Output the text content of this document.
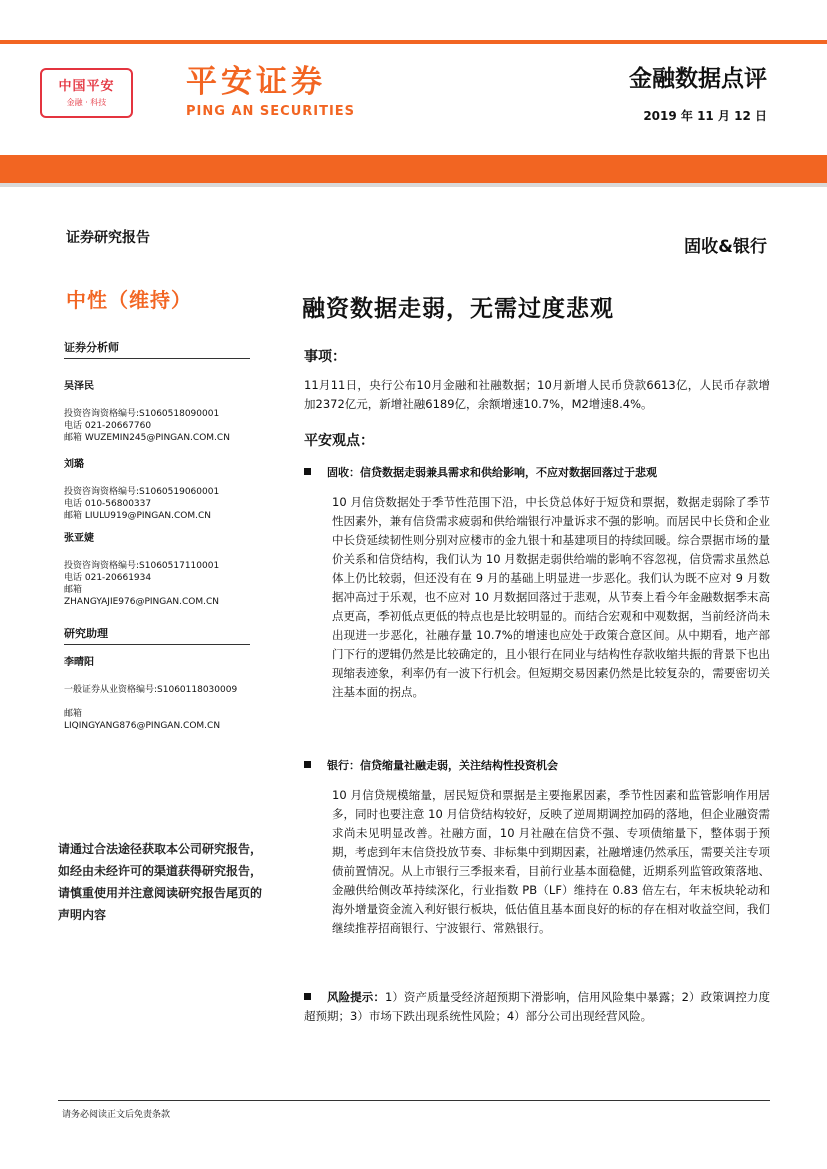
中国平安
金融 · 科技
平安证券
PING AN SECURITIES
金融数据点评
2019 年 11 月 12 日
证券研究报告	固收&银行
中性（维持）
证券分析师
吴泽民
投资咨询资格编号:S1060518090001
电话 021-20667760
邮箱 WUZEMIN245@PINGAN.COM.CN
刘璐
投资咨询资格编号:S1060519060001
电话 010-56800337
邮箱 LIULU919@PINGAN.COM.CN
张亚婕
投资咨询资格编号:S1060517110001
电话 021-20661934
邮箱
ZHANGYAJIE976@PINGAN.COM.CN
研究助理
李晴阳
一般证券从业资格编号:S1060118030009
邮箱
LIQINGYANG876@PINGAN.COM.CN
请通过合法途径获取本公司研究报告，如经由未经许可的渠道获得研究报告，请慎重使用并注意阅读研究报告尾页的声明内容
融资数据走弱，无需过度悲观
事项：
11月11日，央行公布10月金融和社融数据；10月新增人民币贷款6613亿，人民币存款增加2372亿元，新增社融6189亿，余额增速10.7%，M2增速8.4%。
平安观点：
固收：信贷数据走弱兼具需求和供给影响，不应对数据回落过于悲观
10 月信贷数据处于季节性范围下沿，中长贷总体好于短贷和票据，数据走弱除了季节性因素外，兼有信贷需求疲弱和供给端银行冲量诉求不强的影响。而居民中长贷和企业中长贷延续韧性则分别对应楼市的金九银十和基建项目的持续回暖。综合票据市场的量价关系和信贷结构，我们认为 10 月数据走弱供给端的影响不容忽视，信贷需求虽然总体上仍比较弱，但还没有在 9 月的基础上明显进一步恶化。我们认为既不应对 9 月数据冲高过于乐观，也不应对 10 月数据回落过于悲观，从节奏上看今年金融数据季末高点更高，季初低点更低的特点也是比较明显的。而结合宏观和中观数据，当前经济尚未出现进一步恶化，社融存量 10.7%的增速也应处于政策合意区间。从中期看，地产部门下行的逻辑仍然是比较确定的，且小银行在同业与结构性存款收缩共振的背景下也出现缩表迹象，利率仍有一波下行机会。但短期交易因素仍然是比较复杂的，需要密切关注基本面的拐点。
银行：信贷缩量社融走弱，关注结构性投资机会
10 月信贷规模缩量，居民短贷和票据是主要拖累因素，季节性因素和监管影响作用居多，同时也要注意 10 月信贷结构较好，反映了逆周期调控加码的落地，但企业融资需求尚未见明显改善。社融方面，10 月社融在信贷不强、专项债缩量下，整体弱于预期，考虑到年末信贷投放节奏、非标集中到期因素，社融增速仍然承压，需要关注专项债前置情况。从上市银行三季报来看，目前行业基本面稳健，近期系列监管政策落地、金融供给侧改革持续深化，行业指数 PB（LF）维持在 0.83 倍左右，年末板块轮动和海外增量资金流入利好银行板块，低估值且基本面良好的标的存在相对收益空间，我们继续推荐招商银行、宁波银行、常熟银行。
风险提示：1）资产质量受经济超预期下滑影响，信用风险集中暴露；2）政策调控力度超预期；3）市场下跌出现系统性风险；4）部分公司出现经营风险。
请务必阅读正文后免责条款
